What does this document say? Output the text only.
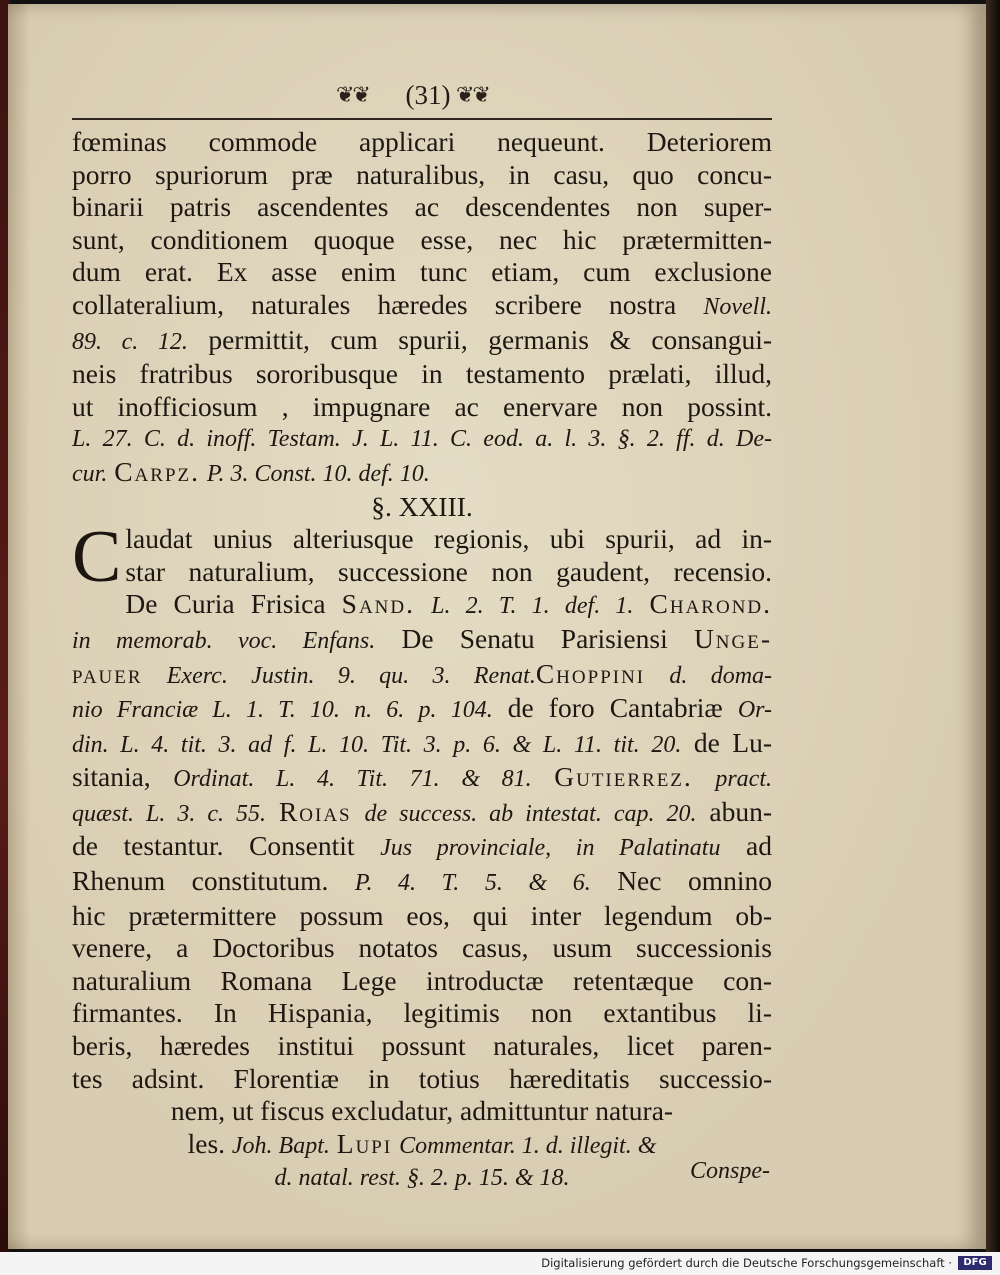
❦❦ (31) ❦❦
fœminas commode applicari nequeunt. Deteriorem
porro spuriorum præ naturalibus, in casu, quo concu-
binarii patris ascendentes ac descendentes non super-
sunt, conditionem quoque esse, nec hic prætermitten-
dum erat. Ex asse enim tunc etiam, cum exclusione
collateralium, naturales hæredes scribere nostra Novell.
89. c. 12. permittit, cum spurii, germanis & consangui-
neis fratribus sororibusque in testamento prælati, illud,
ut inofficiosum , impugnare ac enervare non possint.
L. 27. C. d. inoff. Testam. J. L. 11. C. eod. a. l. 3. §. 2. ff. d. De-
cur. Carpz. P. 3. Const. 10. def. 10.
§. XXIII.
C laudat unius alteriusque regionis, ubi spurii, ad in-
star naturalium, successione non gaudent, recensio.
De Curia Frisica Sand. L. 2. T. 1. def. 1. Charond.
in memorab. voc. Enfans. De Senatu Parisiensi Unge-
pauer Exerc. Justin. 9. qu. 3. Renat.Choppini d. doma-
nio Franciæ L. 1. T. 10. n. 6. p. 104. de foro Cantabriæ Or-
din. L. 4. tit. 3. ad f. L. 10. Tit. 3. p. 6. & L. 11. tit. 20. de Lu-
sitania, Ordinat. L. 4. Tit. 71. & 81. Gutierrez. pract.
quæst. L. 3. c. 55. Roias de success. ab intestat. cap. 20. abun-
de testantur. Consentit Jus provinciale, in Palatinatu ad
Rhenum constitutum. P. 4. T. 5. & 6. Nec omnino
hic prætermittere possum eos, qui inter legendum ob-
venere, a Doctoribus notatos casus, usum successionis
naturalium Romana Lege introductæ retentæque con-
firmantes. In Hispania, legitimis non extantibus li-
beris, hæredes institui possunt naturales, licet paren-
tes adsint. Florentiæ in totius hæreditatis successio-
nem, ut fiscus excludatur, admittuntur natura-
les. Joh. Bapt. Lupi Commentar. 1. d. illegit. &
d. natal. rest. §. 2. p. 15. & 18.	Conspe-
Digitalisierung gefördert durch die Deutsche Forschungsgemeinschaft ·	DFG
